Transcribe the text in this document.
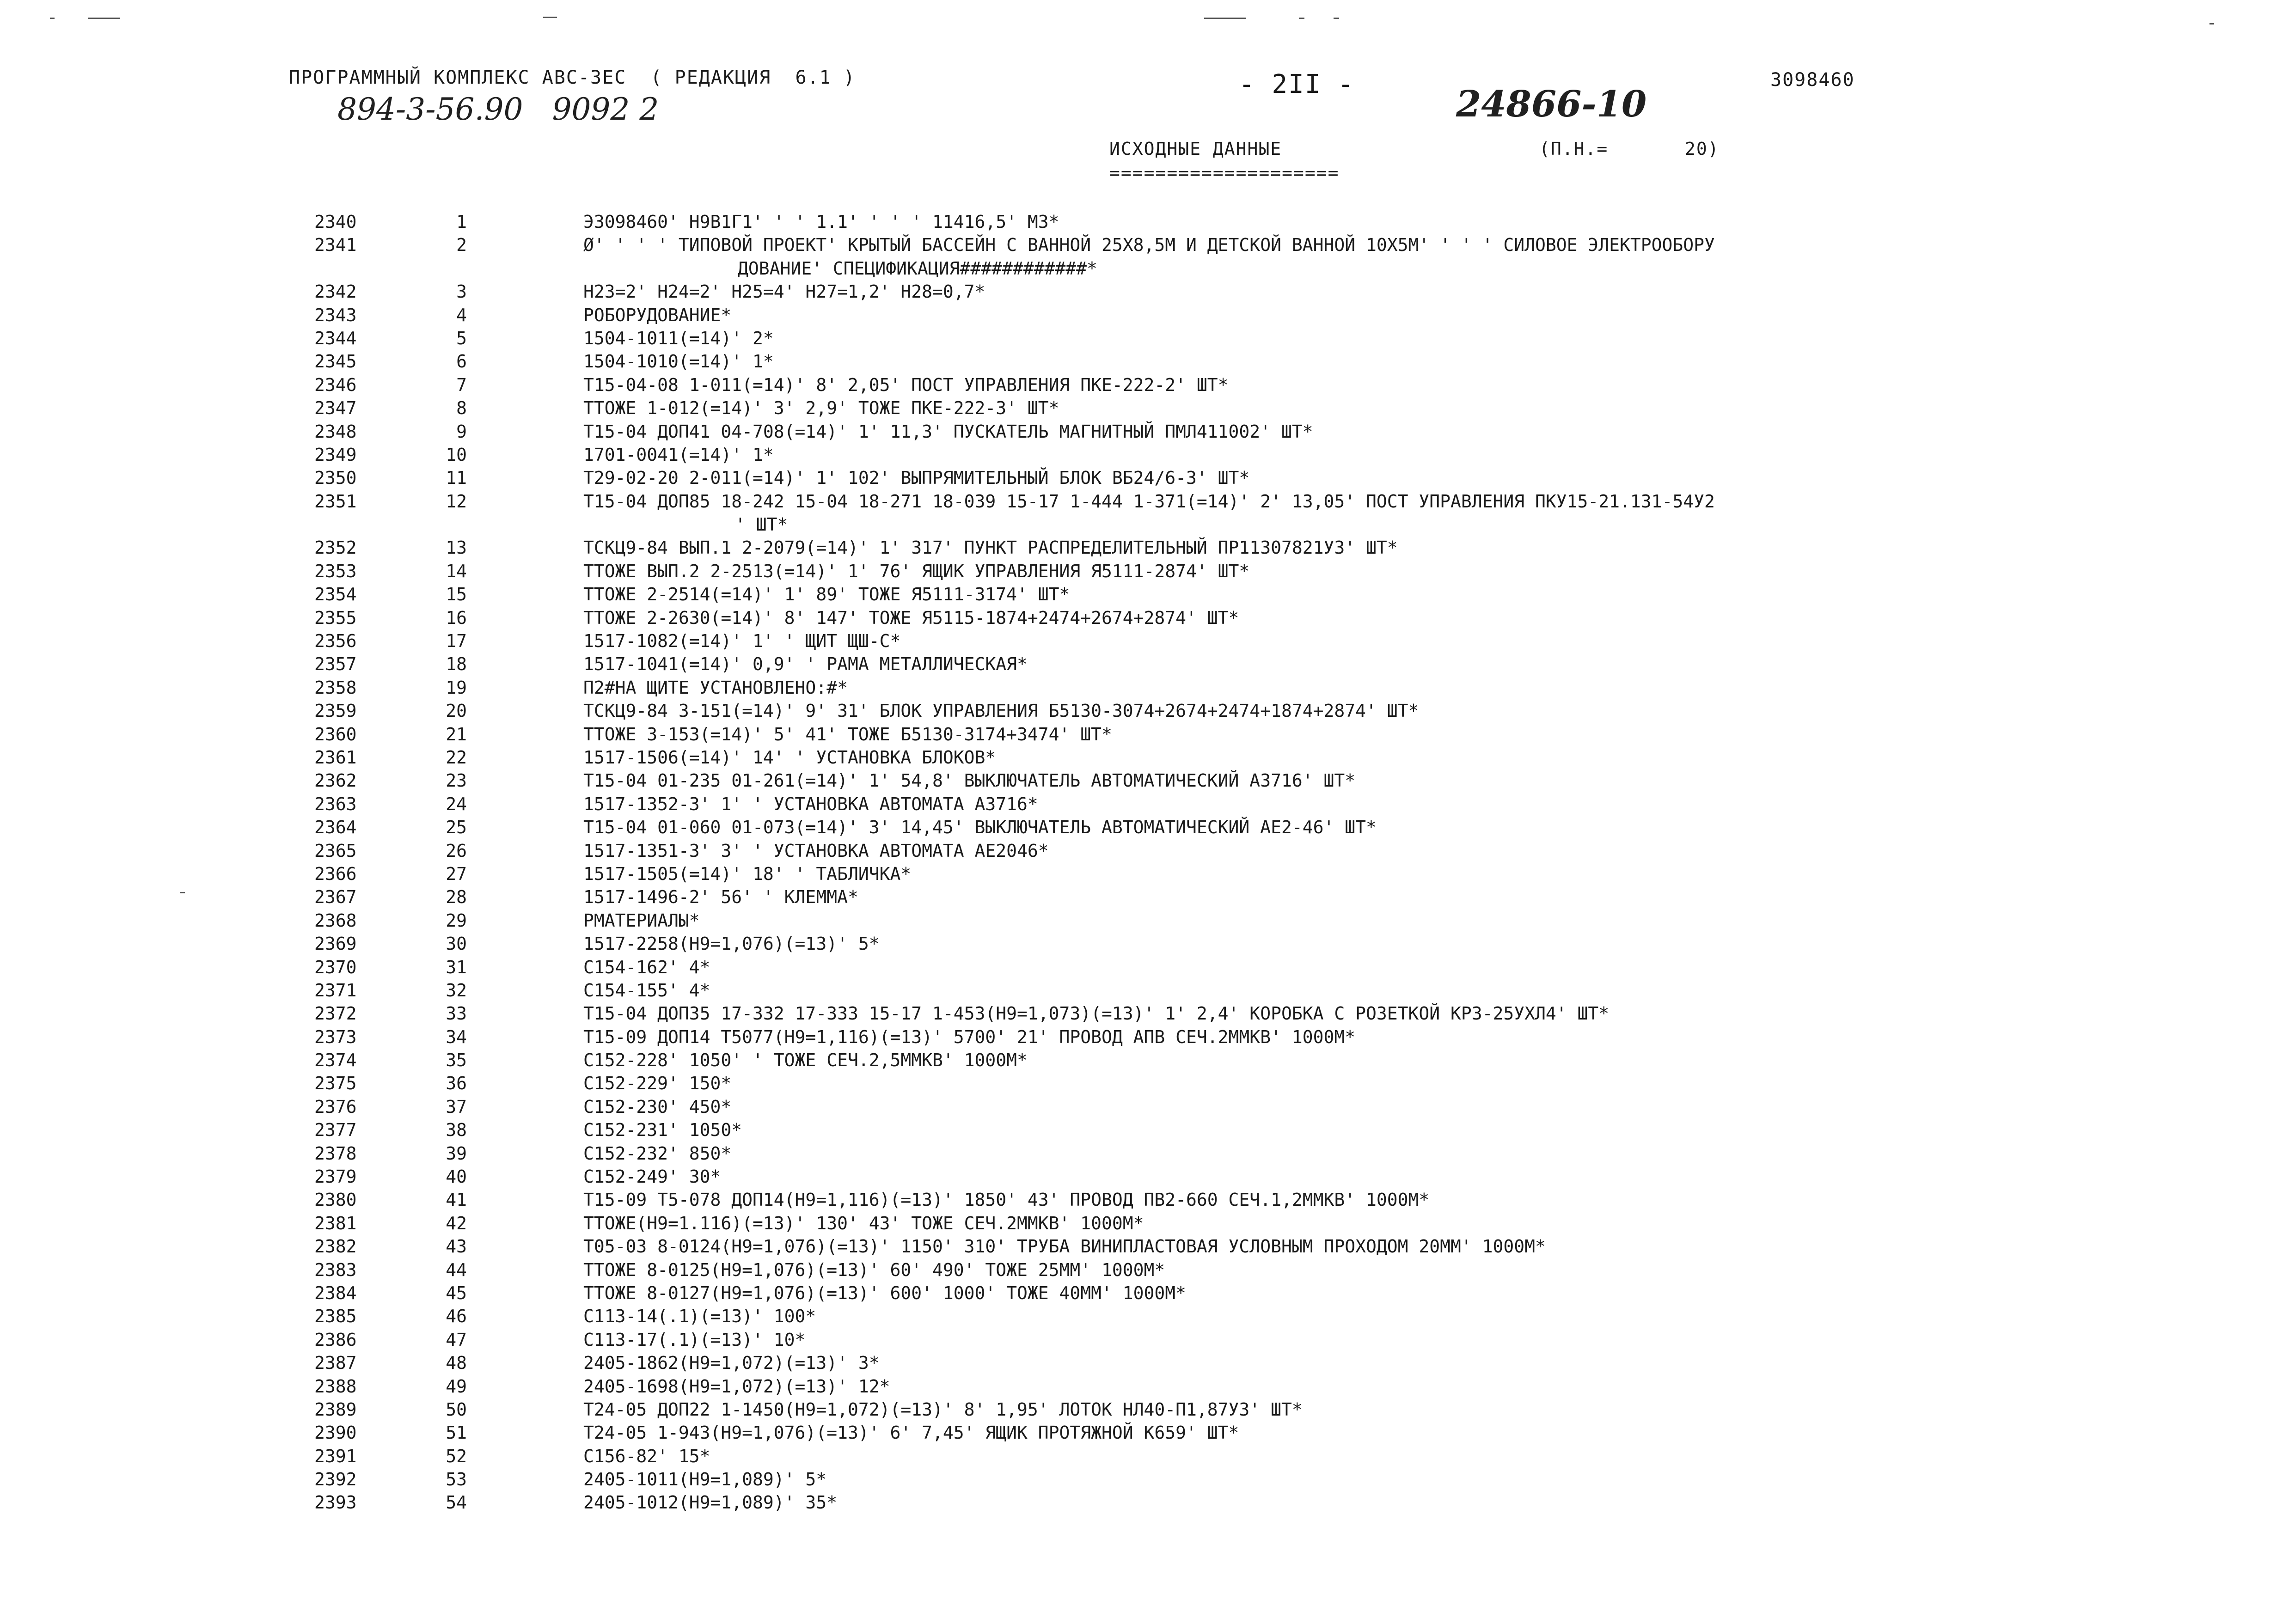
ПРОГРАММНЫЙ КОМПЛЕКС АВС-3ЕС  ( РЕДАКЦИЯ  6.1 )	- 2II -	3098460
894-3-56.90   9092 2	24866-10
ИСХОДНЫЕ ДАННЫЕ
====================
(П.Н.=	20)
2340	1	Э3098460' Н9В1Г1' ' ' 1.1' ' ' ' 11416,5' М3*
2341	2	Ø' ' ' ' ТИПОВОЙ ПРОЕКТ' КРЫТЫЙ БАССЕЙН С ВАННОЙ 25Х8,5М И ДЕТСКОЙ ВАННОЙ 10Х5М' ' ' ' СИЛОВОЕ ЭЛЕКТРООБОРУ
ДОВАНИЕ' СПЕЦИФИКАЦИЯ############*
2342	3	Н23=2' Н24=2' Н25=4' Н27=1,2' Н28=0,7*
2343	4	РОБОРУДОВАНИЕ*
2344	5	1504-1011(=14)' 2*
2345	6	1504-1010(=14)' 1*
2346	7	Т15-04-08 1-011(=14)' 8' 2,05' ПОСТ УПРАВЛЕНИЯ ПКЕ-222-2' ШТ*
2347	8	ТТОЖЕ 1-012(=14)' 3' 2,9' ТОЖЕ ПКЕ-222-3' ШТ*
2348	9	Т15-04 ДОП41 04-708(=14)' 1' 11,3' ПУСКАТЕЛЬ МАГНИТНЫЙ ПМЛ411002' ШТ*
2349	10	1701-0041(=14)' 1*
2350	11	Т29-02-20 2-011(=14)' 1' 102' ВЫПРЯМИТЕЛЬНЫЙ БЛОК ВБ24/6-3' ШТ*
2351	12	Т15-04 ДОП85 18-242 15-04 18-271 18-039 15-17 1-444 1-371(=14)' 2' 13,05' ПОСТ УПРАВЛЕНИЯ ПКУ15-21.131-54У2
' ШТ*
2352	13	ТСКЦ9-84 ВЫП.1 2-2079(=14)' 1' 317' ПУНКТ РАСПРЕДЕЛИТЕЛЬНЫЙ ПР11307821У3' ШТ*
2353	14	ТТОЖЕ ВЫП.2 2-2513(=14)' 1' 76' ЯЩИК УПРАВЛЕНИЯ Я5111-2874' ШТ*
2354	15	ТТОЖЕ 2-2514(=14)' 1' 89' ТОЖЕ Я5111-3174' ШТ*
2355	16	ТТОЖЕ 2-2630(=14)' 8' 147' ТОЖЕ Я5115-1874+2474+2674+2874' ШТ*
2356	17	1517-1082(=14)' 1' ' ЩИТ ЩШ-С*
2357	18	1517-1041(=14)' 0,9' ' РАМА МЕТАЛЛИЧЕСКАЯ*
2358	19	П2#НА ЩИТЕ УСТАНОВЛЕНО:#*
2359	20	ТСКЦ9-84 3-151(=14)' 9' 31' БЛОК УПРАВЛЕНИЯ Б5130-3074+2674+2474+1874+2874' ШТ*
2360	21	ТТОЖЕ 3-153(=14)' 5' 41' ТОЖЕ Б5130-3174+3474' ШТ*
2361	22	1517-1506(=14)' 14' ' УСТАНОВКА БЛОКОВ*
2362	23	Т15-04 01-235 01-261(=14)' 1' 54,8' ВЫКЛЮЧАТЕЛЬ АВТОМАТИЧЕСКИЙ А3716' ШТ*
2363	24	1517-1352-3' 1' ' УСТАНОВКА АВТОМАТА А3716*
2364	25	Т15-04 01-060 01-073(=14)' 3' 14,45' ВЫКЛЮЧАТЕЛЬ АВТОМАТИЧЕСКИЙ АЕ2-46' ШТ*
2365	26	1517-1351-3' 3' ' УСТАНОВКА АВТОМАТА АЕ2046*
2366	27	1517-1505(=14)' 18' ' ТАБЛИЧКА*
2367	28	1517-1496-2' 56' ' КЛЕММА*
2368	29	РМАТЕРИАЛЫ*
2369	30	1517-2258(Н9=1,076)(=13)' 5*
2370	31	С154-162' 4*
2371	32	С154-155' 4*
2372	33	Т15-04 ДОП35 17-332 17-333 15-17 1-453(Н9=1,073)(=13)' 1' 2,4' КОРОБКА С РОЗЕТКОЙ КР3-25УХЛ4' ШТ*
2373	34	Т15-09 ДОП14 Т5077(Н9=1,116)(=13)' 5700' 21' ПРОВОД АПВ СЕЧ.2ММКВ' 1000М*
2374	35	С152-228' 1050' ' ТОЖЕ СЕЧ.2,5ММКВ' 1000М*
2375	36	С152-229' 150*
2376	37	С152-230' 450*
2377	38	С152-231' 1050*
2378	39	С152-232' 850*
2379	40	С152-249' 30*
2380	41	Т15-09 Т5-078 ДОП14(Н9=1,116)(=13)' 1850' 43' ПРОВОД ПВ2-660 СЕЧ.1,2ММКВ' 1000М*
2381	42	ТТОЖЕ(Н9=1.116)(=13)' 130' 43' ТОЖЕ СЕЧ.2ММКВ' 1000М*
2382	43	Т05-03 8-0124(Н9=1,076)(=13)' 1150' 310' ТРУБА ВИНИПЛАСТОВАЯ УСЛОВНЫМ ПРОХОДОМ 20ММ' 1000М*
2383	44	ТТОЖЕ 8-0125(Н9=1,076)(=13)' 60' 490' ТОЖЕ 25ММ' 1000М*
2384	45	ТТОЖЕ 8-0127(Н9=1,076)(=13)' 600' 1000' ТОЖЕ 40ММ' 1000М*
2385	46	С113-14(.1)(=13)' 100*
2386	47	С113-17(.1)(=13)' 10*
2387	48	2405-1862(Н9=1,072)(=13)' 3*
2388	49	2405-1698(Н9=1,072)(=13)' 12*
2389	50	Т24-05 ДОП22 1-1450(Н9=1,072)(=13)' 8' 1,95' ЛОТОК НЛ40-П1,87У3' ШТ*
2390	51	Т24-05 1-943(Н9=1,076)(=13)' 6' 7,45' ЯЩИК ПРОТЯЖНОЙ К659' ШТ*
2391	52	С156-82' 15*
2392	53	2405-1011(Н9=1,089)' 5*
2393	54	2405-1012(Н9=1,089)' 35*
